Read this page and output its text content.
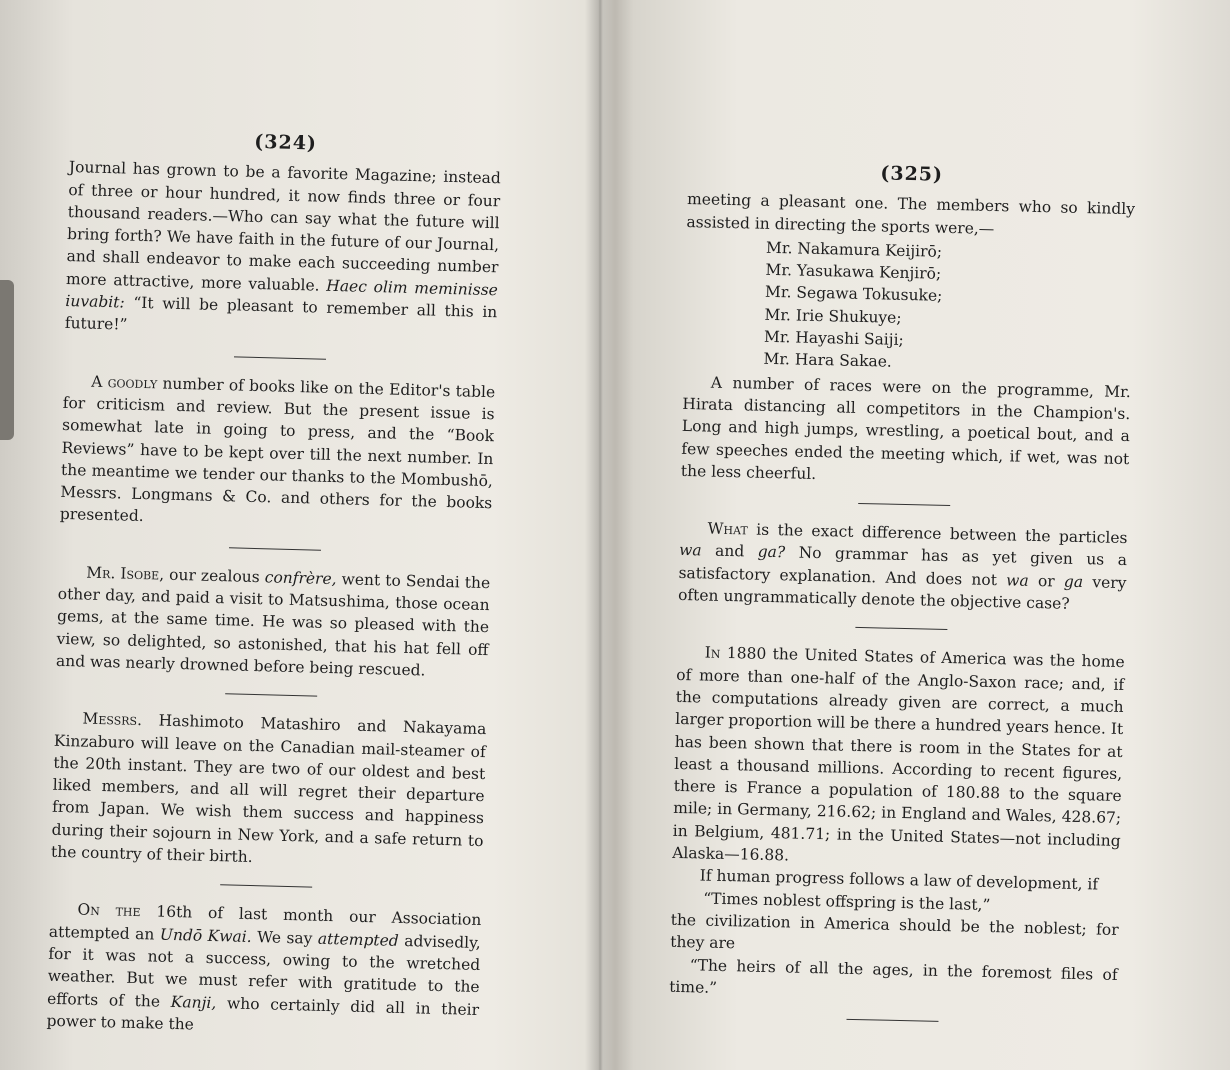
(324)

Journal has grown to be a favorite Magazine; instead of three or hour hundred, it now finds three or four thousand readers.—Who can say what the future will bring forth? We have faith in the future of our Journal, and shall endeavor to make each succeeding number more attractive, more valuable. Haec olim meminisse iuvabit: “It will be pleasant to remember all this in future!”

A goodly number of books like on the Editor's table for criticism and review. But the present issue is somewhat late in going to press, and the “Book Reviews” have to be kept over till the next number. In the meantime we tender our thanks to the Mombushō, Messrs. Longmans & Co. and others for the books presented.

Mr. Isobe, our zealous confrère, went to Sendai the other day, and paid a visit to Matsushima, those ocean gems, at the same time. He was so pleased with the view, so delighted, so astonished, that his hat fell off and was nearly drowned before being rescued.

Messrs. Hashimoto Matashiro and Nakayama Kinzaburo will leave on the Canadian mail-steamer of the 20th instant. They are two of our oldest and best liked members, and all will regret their departure from Japan. We wish them success and happiness during their sojourn in New York, and a safe return to the country of their birth.

On the 16th of last month our Association attempted an Undō Kwai. We say attempted advisedly, for it was not a success, owing to the wretched weather. But we must refer with gratitude to the efforts of the Kanji, who certainly did all in their power to make the

(325)

meeting a pleasant one. The members who so kindly assisted in directing the sports were,—

Mr. Nakamura Keijirō;
Mr. Yasukawa Kenjirō;
Mr. Segawa Tokusuke;
Mr. Irie Shukuye;
Mr. Hayashi Saiji;
Mr. Hara Sakae.

A number of races were on the programme, Mr. Hirata distancing all competitors in the Champion's. Long and high jumps, wrestling, a poetical bout, and a few speeches ended the meeting which, if wet, was not the less cheerful.

What is the exact difference between the particles wa and ga? No grammar has as yet given us a satisfactory explanation. And does not wa or ga very often ungrammatically denote the objective case?

In 1880 the United States of America was the home of more than one-half of the Anglo-Saxon race; and, if the computations already given are correct, a much larger proportion will be there a hundred years hence. It has been shown that there is room in the States for at least a thousand millions. According to recent figures, there is France a population of 180.88 to the square mile; in Germany, 216.62; in England and Wales, 428.67; in Belgium, 481.71; in the United States—not including Alaska—16.88.

If human progress follows a law of development, if

“Times noblest offspring is the last,”

the civilization in America should be the noblest; for they are

“The heirs of all the ages, in the foremost files of time.”
